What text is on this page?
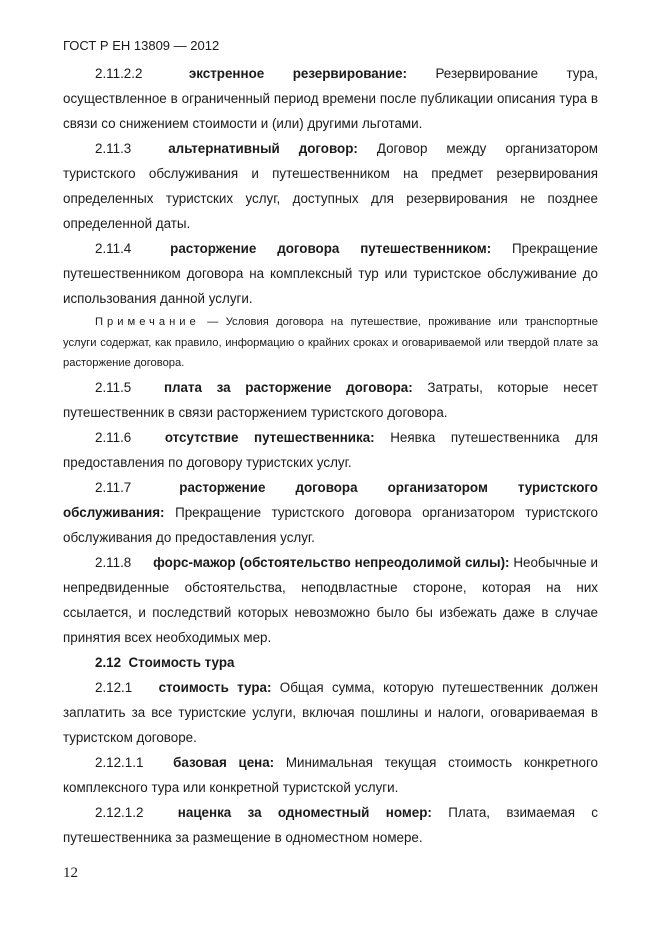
ГОСТ Р ЕН 13809 — 2012

2.11.2.2	экстренное резервирование: Резервирование тура, осуществленное в ограниченный период времени после публикации описания тура в связи со снижением стоимости и (или) другими льготами.

2.11.3	альтернативный договор: Договор между организатором туристского обслуживания и путешественником на предмет резервирования определенных туристских услуг, доступных для резервирования не позднее определенной даты.

2.11.4	расторжение договора путешественником: Прекращение путешественником договора на комплексный тур или туристское обслуживание до использования данной услуги.

Примечание — Условия договора на путешествие, проживание или транспортные услуги содержат, как правило, информацию о крайних сроках и оговариваемой или твердой плате за расторжение договора.

2.11.5 плата за расторжение договора: Затраты, которые несет путешественник в связи расторжением туристского договора.

2.11.6	отсутствие путешественника: Неявка путешественника для предоставления по договору туристских услуг.

2.11.7	расторжение договора организатором туристского обслуживания: Прекращение туристского договора организатором туристского обслуживания до предоставления услуг.

2.11.8 форс-мажор (обстоятельство непреодолимой силы): Необычные и непредвиденные обстоятельства, неподвластные стороне, которая на них ссылается, и последствий которых невозможно было бы избежать даже в случае принятия всех необходимых мер.

2.12 Стоимость тура

2.12.1 стоимость тура: Общая сумма, которую путешественник должен заплатить за все туристские услуги, включая пошлины и налоги, оговариваемая в туристском договоре.

2.12.1.1 базовая цена: Минимальная текущая стоимость конкретного комплексного тура или конкретной туристской услуги.

2.12.1.2	наценка за одноместный номер: Плата, взимаемая с путешественника за размещение в одноместном номере.

12
